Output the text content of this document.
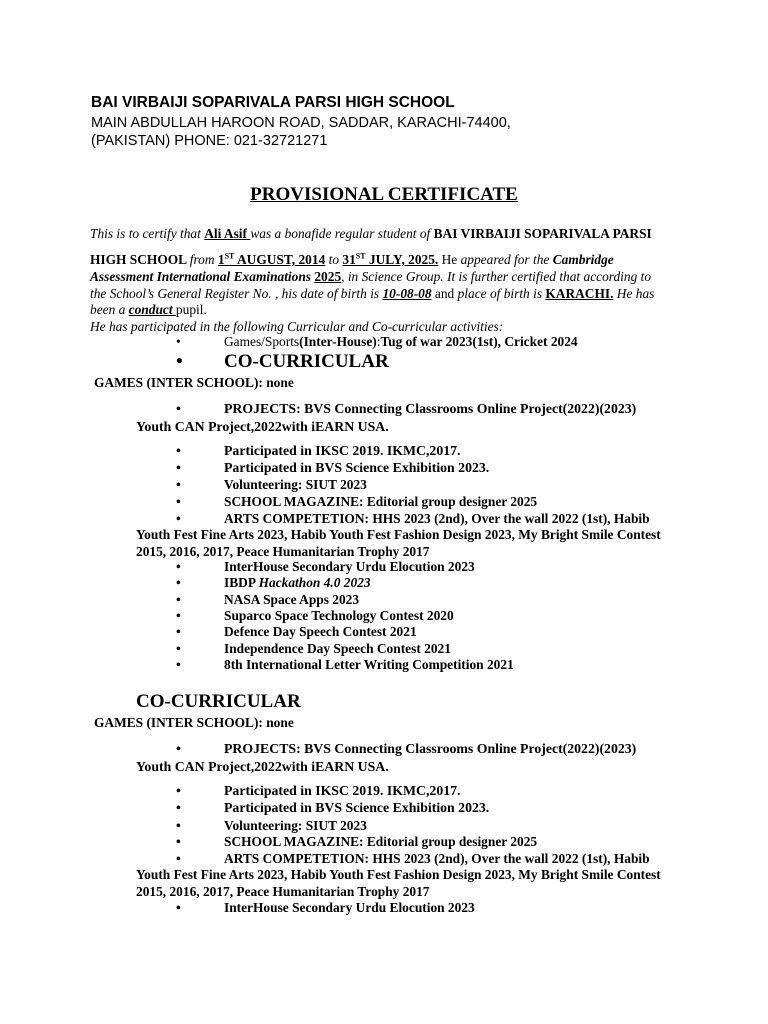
BAI VIRBAIJI SOPARIVALA PARSI HIGH SCHOOL
MAIN ABDULLAH HAROON ROAD, SADDAR, KARACHI-74400,
(PAKISTAN) PHONE: 021-32721271
PROVISIONAL CERTIFICATE
This is to certify that Ali Asif was a bonafide regular student of BAI VIRBAIJI SOPARIVALA PARSI
HIGH SCHOOL from 1ST AUGUST, 2014 to 31ST JULY, 2025. He appeared for the Cambridge
Assessment International Examinations 2025, in Science Group. It is further certified that according to
the School’s General Register No. , his date of birth is 10-08-08 and place of birth is KARACHI. He has
been a conduct pupil.
He has participated in the following Curricular and Co-curricular activities:
•	Games/Sports(Inter-House):Tug of war 2023(1st), Cricket 2024
• CO-CURRICULAR
GAMES (INTER SCHOOL): none
•	PROJECTS: BVS Connecting Classrooms Online Project(2022)(2023)
Youth CAN Project,2022with iEARN USA.
•	Participated in IKSC 2019. IKMC,2017.
•	Participated in BVS Science Exhibition 2023.
•	Volunteering: SIUT 2023
•	SCHOOL MAGAZINE: Editorial group designer 2025
•	ARTS COMPETETION: HHS 2023 (2nd), Over the wall 2022 (1st), Habib
Youth Fest Fine Arts 2023, Habib Youth Fest Fashion Design 2023, My Bright Smile Contest
2015, 2016, 2017, Peace Humanitarian Trophy 2017
•	InterHouse Secondary Urdu Elocution 2023
•	IBDP Hackathon 4.0 2023
•	NASA Space Apps 2023
•	Suparco Space Technology Contest 2020
•	Defence Day Speech Contest 2021
•	Independence Day Speech Contest 2021
•	8th International Letter Writing Competition 2021
CO-CURRICULAR
GAMES (INTER SCHOOL): none
•	PROJECTS: BVS Connecting Classrooms Online Project(2022)(2023)
Youth CAN Project,2022with iEARN USA.
•	Participated in IKSC 2019. IKMC,2017.
•	Participated in BVS Science Exhibition 2023.
•	Volunteering: SIUT 2023
•	SCHOOL MAGAZINE: Editorial group designer 2025
•	ARTS COMPETETION: HHS 2023 (2nd), Over the wall 2022 (1st), Habib
Youth Fest Fine Arts 2023, Habib Youth Fest Fashion Design 2023, My Bright Smile Contest
2015, 2016, 2017, Peace Humanitarian Trophy 2017
•	InterHouse Secondary Urdu Elocution 2023
